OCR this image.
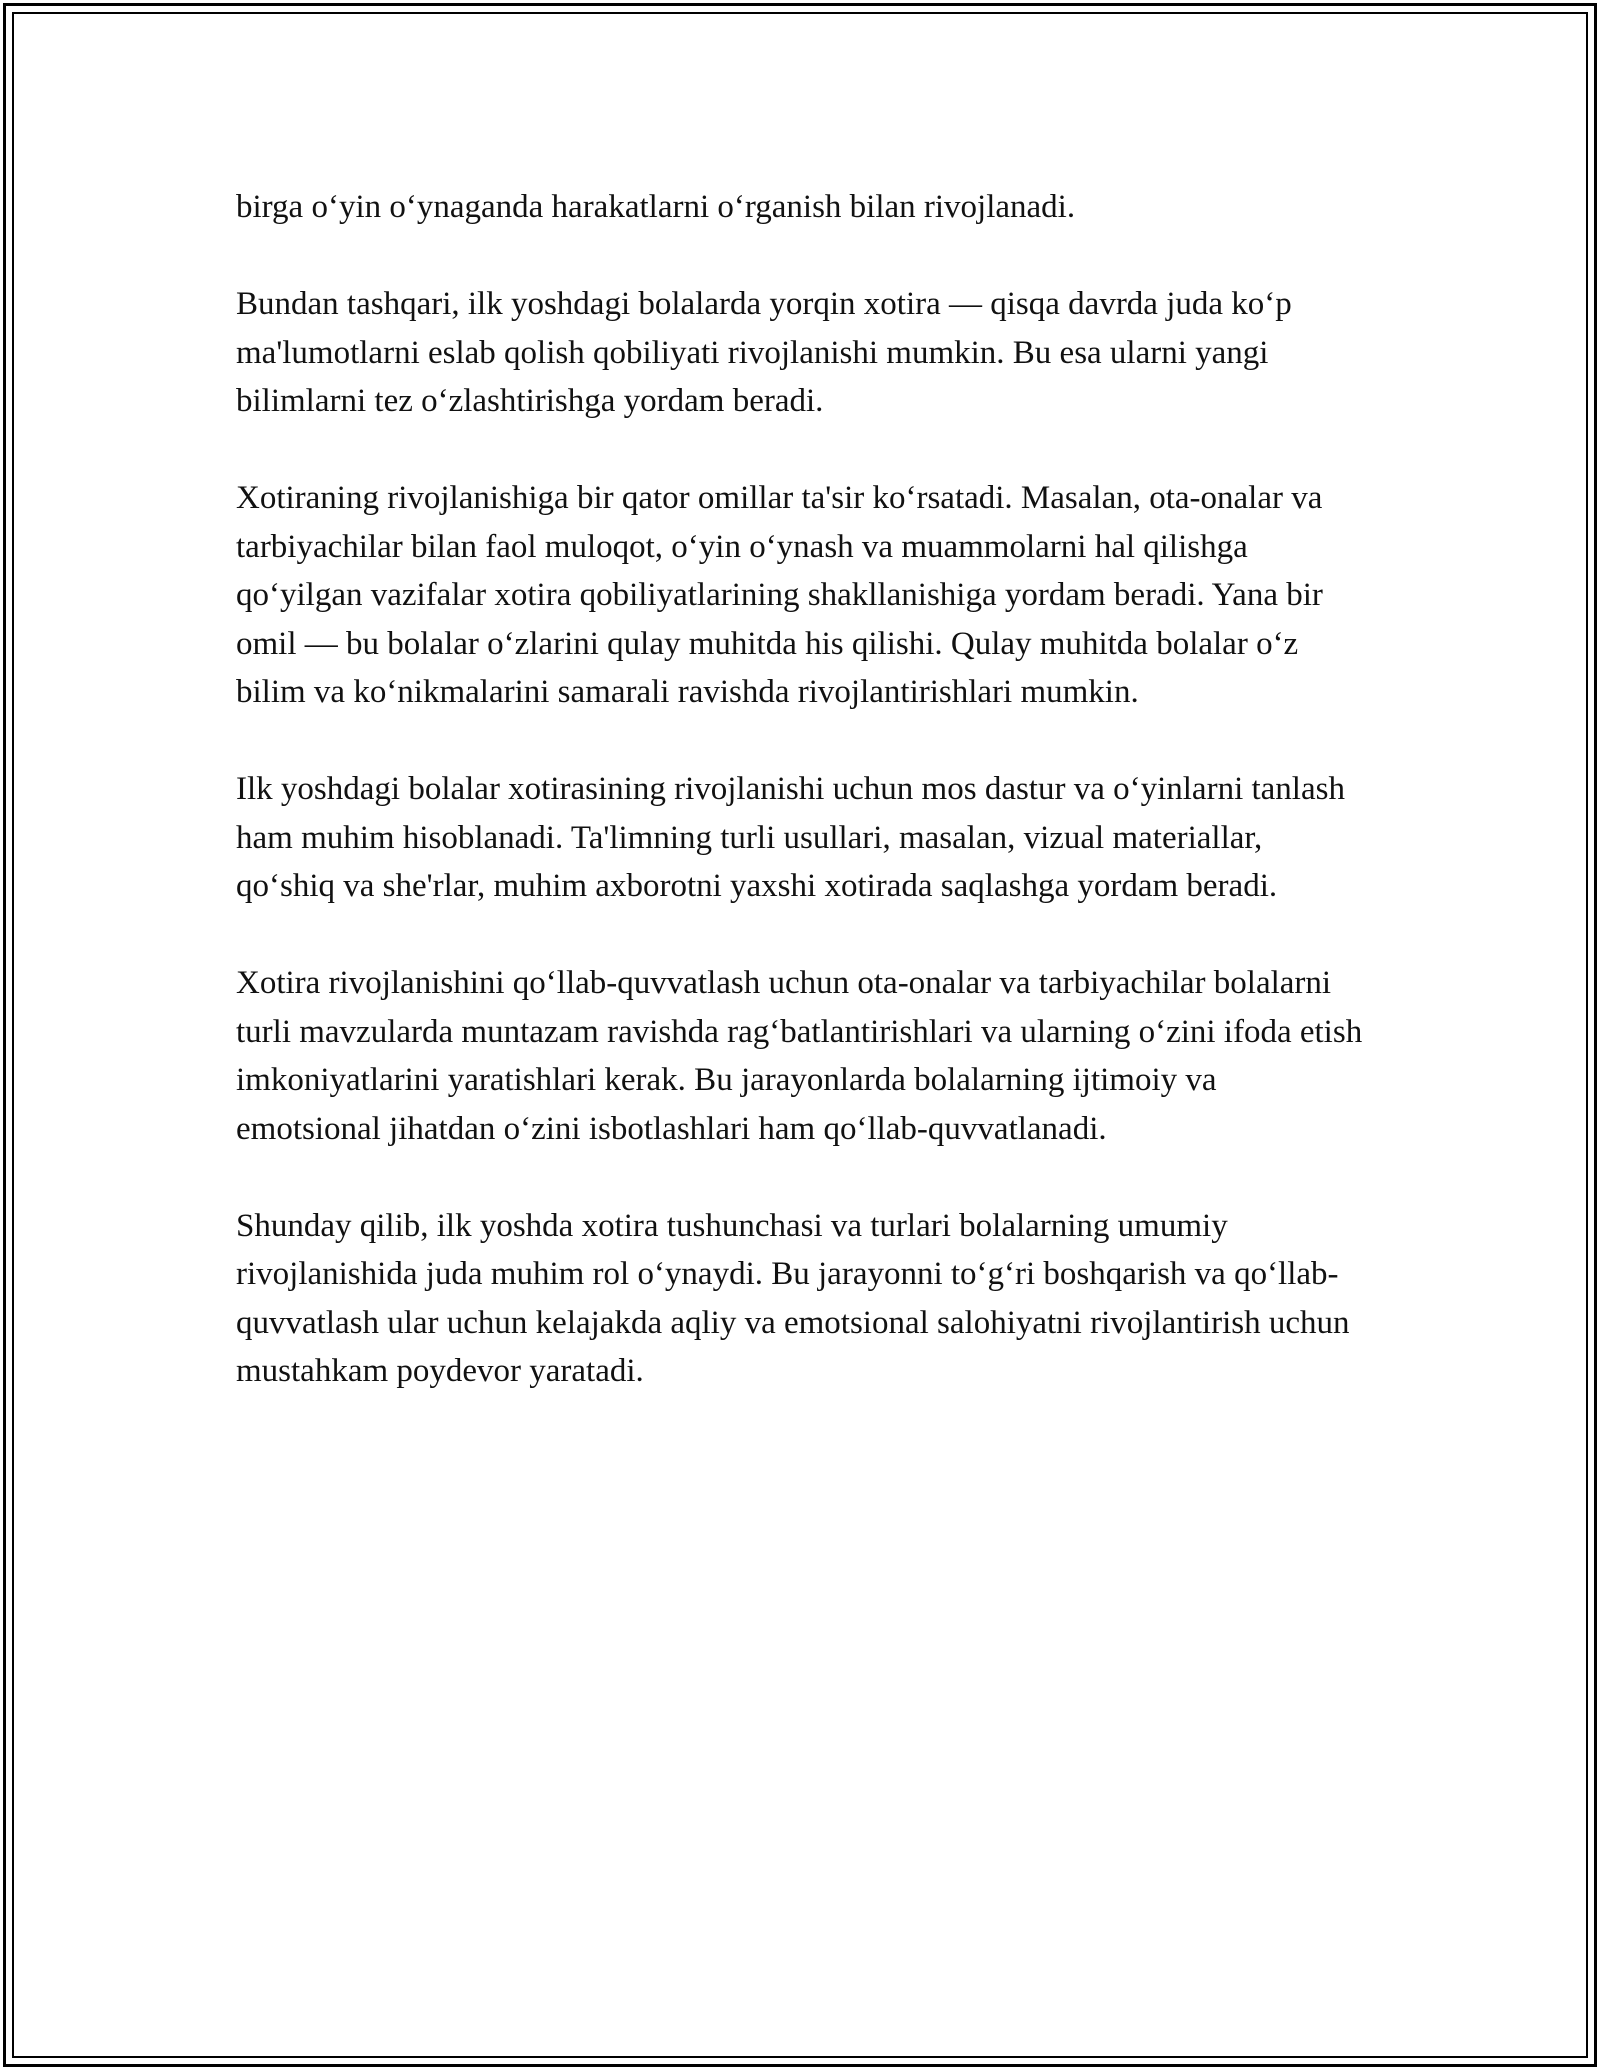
birga o‘yin o‘ynaganda harakatlarni o‘rganish bilan rivojlanadi.

Bundan tashqari, ilk yoshdagi bolalarda yorqin xotira — qisqa davrda juda ko‘p ma'lumotlarni eslab qolish qobiliyati rivojlanishi mumkin. Bu esa ularni yangi bilimlarni tez o‘zlashtirishga yordam beradi.

Xotiraning rivojlanishiga bir qator omillar ta'sir ko‘rsatadi. Masalan, ota-onalar va tarbiyachilar bilan faol muloqot, o‘yin o‘ynash va muammolarni hal qilishga qo‘yilgan vazifalar xotira qobiliyatlarining shakllanishiga yordam beradi. Yana bir omil — bu bolalar o‘zlarini qulay muhitda his qilishi. Qulay muhitda bolalar o‘z bilim va ko‘nikmalarini samarali ravishda rivojlantirishlari mumkin.

Ilk yoshdagi bolalar xotirasining rivojlanishi uchun mos dastur va o‘yinlarni tanlash ham muhim hisoblanadi. Ta'limning turli usullari, masalan, vizual materiallar, qo‘shiq va she'rlar, muhim axborotni yaxshi xotirada saqlashga yordam beradi.

Xotira rivojlanishini qo‘llab-quvvatlash uchun ota-onalar va tarbiyachilar bolalarni turli mavzularda muntazam ravishda rag‘batlantirishlari va ularning o‘zini ifoda etish imkoniyatlarini yaratishlari kerak. Bu jarayonlarda bolalarning ijtimoiy va emotsional jihatdan o‘zini isbotlashlari ham qo‘llab-quvvatlanadi.

Shunday qilib, ilk yoshda xotira tushunchasi va turlari bolalarning umumiy rivojlanishida juda muhim rol o‘ynaydi. Bu jarayonni to‘g‘ri boshqarish va qo‘llab-quvvatlash ular uchun kelajakda aqliy va emotsional salohiyatni rivojlantirish uchun mustahkam poydevor yaratadi.
